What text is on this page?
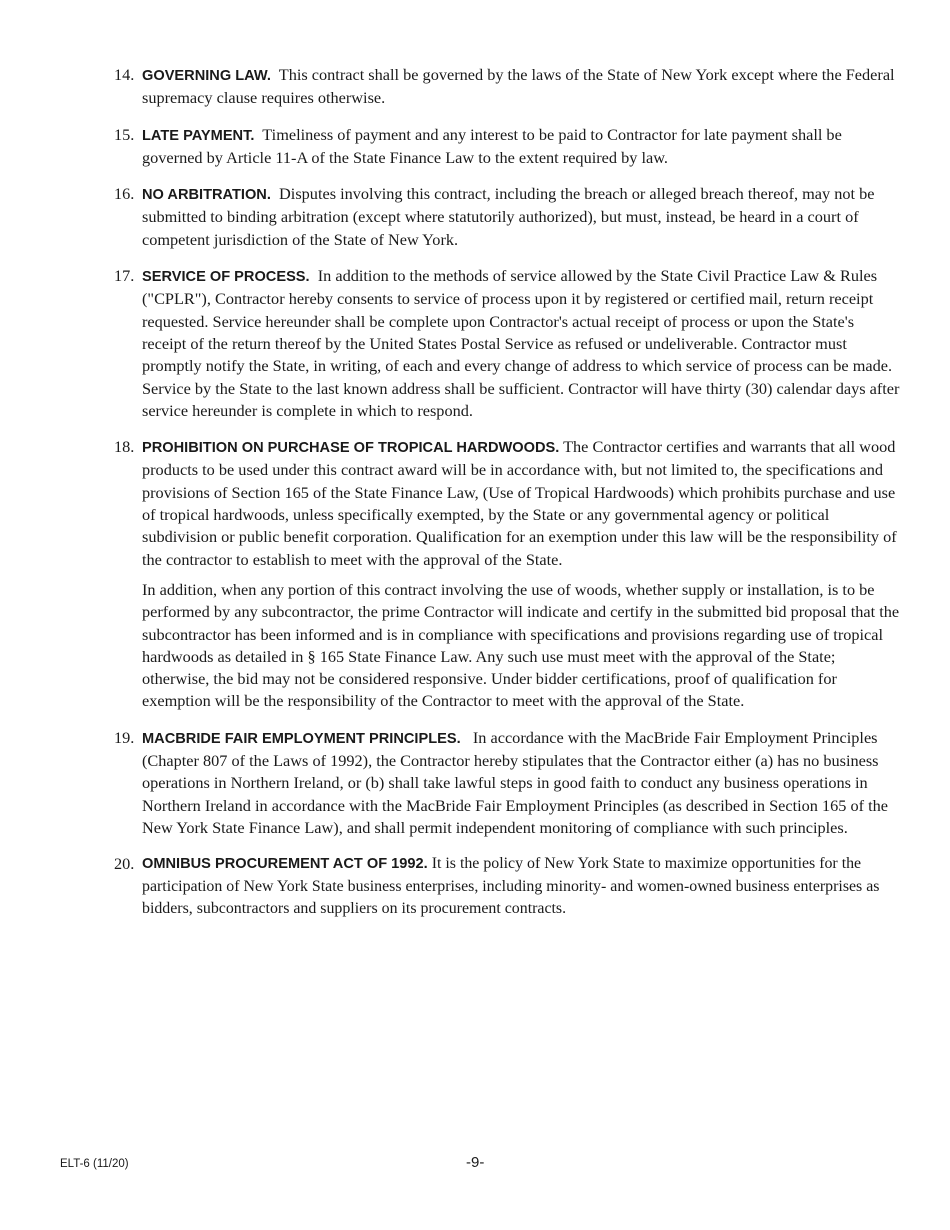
14. GOVERNING LAW. This contract shall be governed by the laws of the State of New York except where the Federal supremacy clause requires otherwise.

15. LATE PAYMENT. Timeliness of payment and any interest to be paid to Contractor for late payment shall be governed by Article 11-A of the State Finance Law to the extent required by law.

16. NO ARBITRATION. Disputes involving this contract, including the breach or alleged breach thereof, may not be submitted to binding arbitration (except where statutorily authorized), but must, instead, be heard in a court of competent jurisdiction of the State of New York.

17. SERVICE OF PROCESS. In addition to the methods of service allowed by the State Civil Practice Law & Rules ("CPLR"), Contractor hereby consents to service of process upon it by registered or certified mail, return receipt requested. Service hereunder shall be complete upon Contractor's actual receipt of process or upon the State's receipt of the return thereof by the United States Postal Service as refused or undeliverable. Contractor must promptly notify the State, in writing, of each and every change of address to which service of process can be made. Service by the State to the last known address shall be sufficient. Contractor will have thirty (30) calendar days after service hereunder is complete in which to respond.

18. PROHIBITION ON PURCHASE OF TROPICAL HARDWOODS. The Contractor certifies and warrants that all wood products to be used under this contract award will be in accordance with, but not limited to, the specifications and provisions of Section 165 of the State Finance Law, (Use of Tropical Hardwoods) which prohibits purchase and use of tropical hardwoods, unless specifically exempted, by the State or any governmental agency or political subdivision or public benefit corporation. Qualification for an exemption under this law will be the responsibility of the contractor to establish to meet with the approval of the State.

In addition, when any portion of this contract involving the use of woods, whether supply or installation, is to be performed by any subcontractor, the prime Contractor will indicate and certify in the submitted bid proposal that the subcontractor has been informed and is in compliance with specifications and provisions regarding use of tropical hardwoods as detailed in § 165 State Finance Law. Any such use must meet with the approval of the State; otherwise, the bid may not be considered responsive. Under bidder certifications, proof of qualification for exemption will be the responsibility of the Contractor to meet with the approval of the State.

19. MACBRIDE FAIR EMPLOYMENT PRINCIPLES. In accordance with the MacBride Fair Employment Principles (Chapter 807 of the Laws of 1992), the Contractor hereby stipulates that the Contractor either (a) has no business operations in Northern Ireland, or (b) shall take lawful steps in good faith to conduct any business operations in Northern Ireland in accordance with the MacBride Fair Employment Principles (as described in Section 165 of the New York State Finance Law), and shall permit independent monitoring of compliance with such principles.

20. OMNIBUS PROCUREMENT ACT OF 1992. It is the policy of New York State to maximize opportunities for the participation of New York State business enterprises, including minority- and women-owned business enterprises as bidders, subcontractors and suppliers on its procurement contracts.

ELT-6 (11/20)	-9-
